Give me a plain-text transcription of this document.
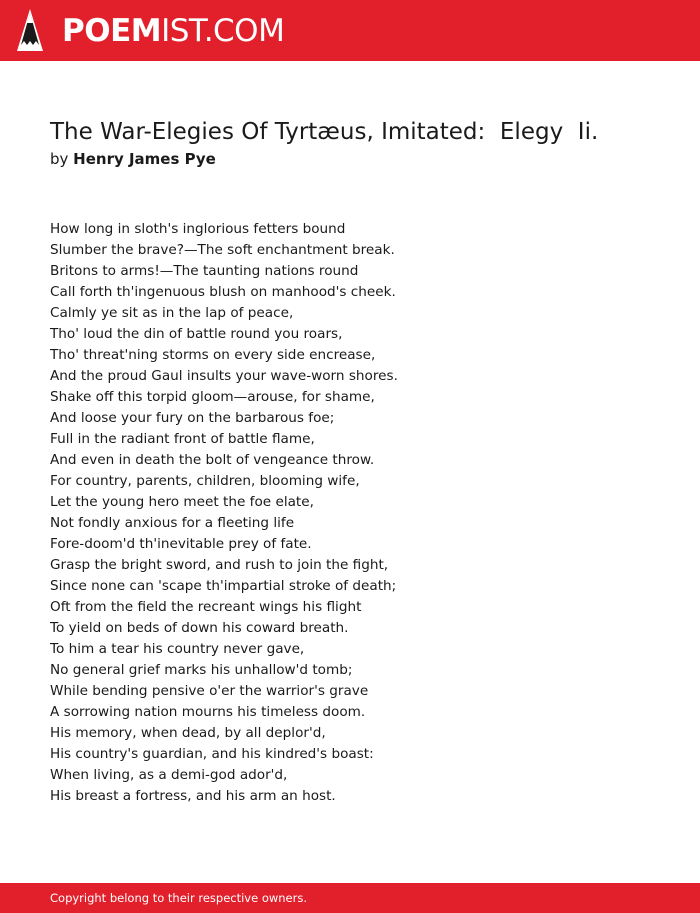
POEMIST.COM
The War-Elegies Of Tyrtæus, Imitated:  Elegy  Ii.
by Henry James Pye
How long in sloth's inglorious fetters bound
Slumber the brave?—The soft enchantment break.
Britons to arms!—The taunting nations round
Call forth th'ingenuous blush on manhood's cheek.
Calmly ye sit as in the lap of peace,
Tho' loud the din of battle round you roars,
Tho' threat'ning storms on every side encrease,
And the proud Gaul insults your wave-worn shores.
Shake off this torpid gloom—arouse, for shame,
And loose your fury on the barbarous foe;
Full in the radiant front of battle flame,
And even in death the bolt of vengeance throw.
For country, parents, children, blooming wife,
Let the young hero meet the foe elate,
Not fondly anxious for a fleeting life
Fore-doom'd th'inevitable prey of fate.
Grasp the bright sword, and rush to join the fight,
Since none can 'scape th'impartial stroke of death;
Oft from the field the recreant wings his flight
To yield on beds of down his coward breath.
To him a tear his country never gave,
No general grief marks his unhallow'd tomb;
While bending pensive o'er the warrior's grave
A sorrowing nation mourns his timeless doom.
His memory, when dead, by all deplor'd,
His country's guardian, and his kindred's boast:
When living, as a demi-god ador'd,
His breast a fortress, and his arm an host.
Copyright belong to their respective owners.
